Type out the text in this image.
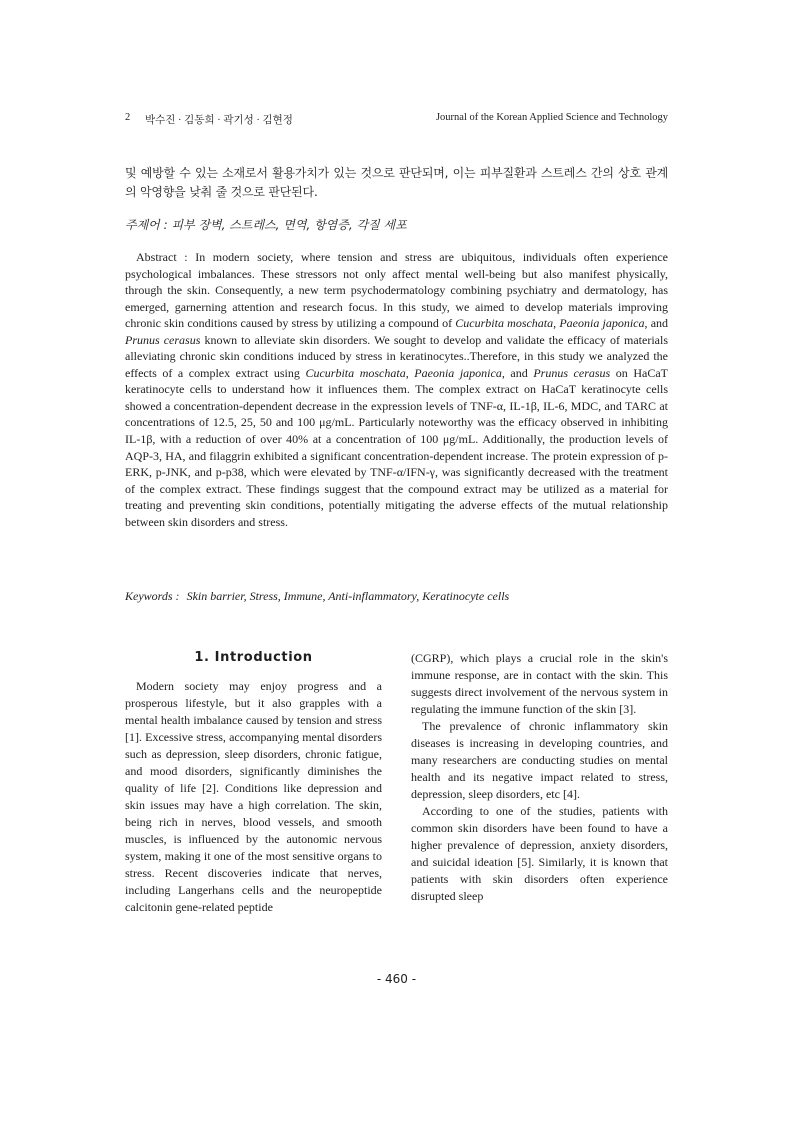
2 박수진 · 김동희 · 곽기성 · 김현정	Journal of the Korean Applied Science and Technology
및 예방할 수 있는 소재로서 활용가치가 있는 것으로 판단되며, 이는 피부질환과 스트레스 간의 상호 관계의 악영향을 낮춰 줄 것으로 판단된다.
주제어 : 피부 장벽, 스트레스, 면역, 항염증, 각질 세포
Abstract : In modern society, where tension and stress are ubiquitous, individuals often experience psychological imbalances. These stressors not only affect mental well-being but also manifest physically, through the skin. Consequently, a new term psychodermatology combining psychiatry and dermatology, has emerged, garnerning attention and research focus. In this study, we aimed to develop materials improving chronic skin conditions caused by stress by utilizing a compound of Cucurbita moschata, Paeonia japonica, and Prunus cerasus known to alleviate skin disorders. We sought to develop and validate the efficacy of materials alleviating chronic skin conditions induced by stress in keratinocytes..Therefore, in this study we analyzed the effects of a complex extract using Cucurbita moschata, Paeonia japonica, and Prunus cerasus on HaCaT keratinocyte cells to understand how it influences them. The complex extract on HaCaT keratinocyte cells showed a concentration-dependent decrease in the expression levels of TNF-α, IL-1β, IL-6, MDC, and TARC at concentrations of 12.5, 25, 50 and 100 μg/mL. Particularly noteworthy was the efficacy observed in inhibiting IL-1β, with a reduction of over 40% at a concentration of 100 μg/mL. Additionally, the production levels of AQP-3, HA, and filaggrin exhibited a significant concentration-dependent increase. The protein expression of p-ERK, p-JNK, and p-p38, which were elevated by TNF-α/IFN-γ, was significantly decreased with the treatment of the complex extract. These findings suggest that the compound extract may be utilized as a material for treating and preventing skin conditions, potentially mitigating the adverse effects of the mutual relationship between skin disorders and stress.
Keywords : Skin barrier, Stress, Immune, Anti-inflammatory, Keratinocyte cells
1. Introduction

Modern society may enjoy progress and a prosperous lifestyle, but it also grapples with a mental health imbalance caused by tension and stress [1]. Excessive stress, accompanying mental disorders such as depression, sleep disorders, chronic fatigue, and mood disorders, significantly diminishes the quality of life [2]. Conditions like depression and skin issues may have a high correlation. The skin, being rich in nerves, blood vessels, and smooth muscles, is influenced by the autonomic nervous system, making it one of the most sensitive organs to stress. Recent discoveries indicate that nerves, including Langerhans cells and the neuropeptide calcitonin gene-related peptide

(CGRP), which plays a crucial role in the skin's immune response, are in contact with the skin. This suggests direct involvement of the nervous system in regulating the immune function of the skin [3].

The prevalence of chronic inflammatory skin diseases is increasing in developing countries, and many researchers are conducting studies on mental health and its negative impact related to stress, depression, sleep disorders, etc [4].

According to one of the studies, patients with common skin disorders have been found to have a higher prevalence of depression, anxiety disorders, and suicidal ideation [5]. Similarly, it is known that patients with skin disorders often experience disrupted sleep

- 460 -
